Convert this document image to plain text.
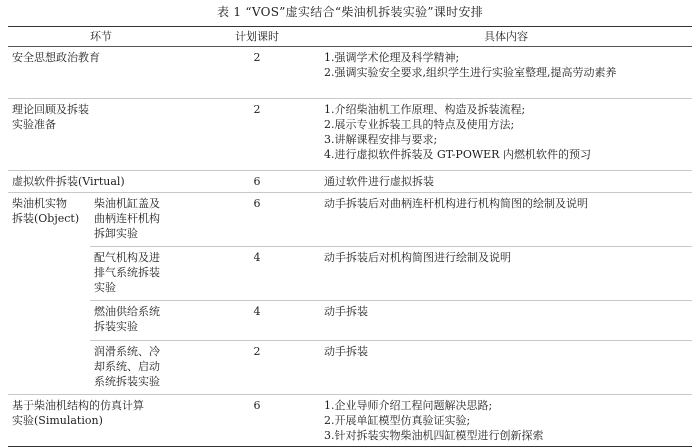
表 1 “VOS”虚实结合“柴油机拆装实验”课时安排
环节		计划课时	具体内容

安全思想政治教育		2	1.强调学术伦理及科学精神;
2.强调实验安全要求,组织学生进行实验室整理,提高劳动素养

理论回顾及拆装
实验准备		2	1.介绍柴油机工作原理、构造及拆装流程;
2.展示专业拆装工具的特点及使用方法;
3.讲解课程安排与要求;
4.进行虚拟软件拆装及 GT-POWER 内燃机软件的预习

虚拟软件拆装(Virtual)		6	通过软件进行虚拟拆装

柴油机实物
拆装(Object)	柴油机缸盖及
曲柄连杆机构
拆卸实验	6	动手拆装后对曲柄连杆机构进行机构简图的绘制及说明

	配气机构及进
排气系统拆装
实验	4	动手拆装后对机构简图进行绘制及说明

	燃油供给系统
拆装实验	4	动手拆装

	润滑系统、冷
却系统、启动
系统拆装实验	2	动手拆装

基于柴油机结构的仿真计算
实验(Simulation)		6	1.企业导师介绍工程问题解决思路;
2.开展单缸模型仿真验证实验;
3.针对拆装实物柴油机四缸模型进行创新探索
